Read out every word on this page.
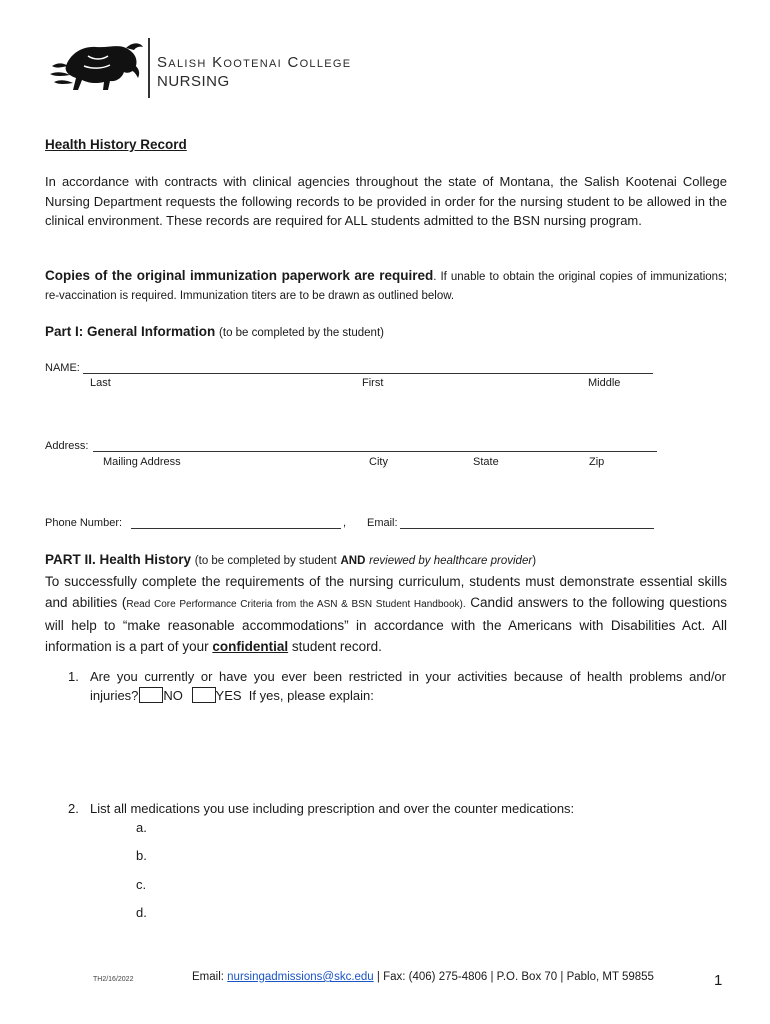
Salish Kootenai College
NURSING
Health History Record
In accordance with contracts with clinical agencies throughout the state of Montana, the Salish Kootenai College Nursing Department requests the following records to be provided in order for the nursing student to be allowed in the clinical environment. These records are required for ALL students admitted to the BSN nursing program.
Copies of the original immunization paperwork are required. If unable to obtain the original copies of immunizations; re-vaccination is required. Immunization titers are to be drawn as outlined below.
Part I: General Information (to be completed by the student)
NAME:
Last	First	Middle
Address:
Mailing Address	City	State	Zip
Phone Number:	, Email:
PART II. Health History (to be completed by student AND reviewed by healthcare provider)
To successfully complete the requirements of the nursing curriculum, students must demonstrate essential skills and abilities (Read Core Performance Criteria from the ASN & BSN Student Handbook). Candid answers to the following questions will help to “make reasonable accommodations” in accordance with the Americans with Disabilities Act. All information is a part of your confidential student record.
1. Are you currently or have you ever been restricted in your activities because of health problems and/or injuries? NO	YES If yes, please explain:
2. List all medications you use including prescription and over the counter medications:
a.
b.
c.
d.
TH2/16/2022	Email: nursingadmissions@skc.edu | Fax: (406) 275-4806 | P.O. Box 70 | Pablo, MT 59855	1
